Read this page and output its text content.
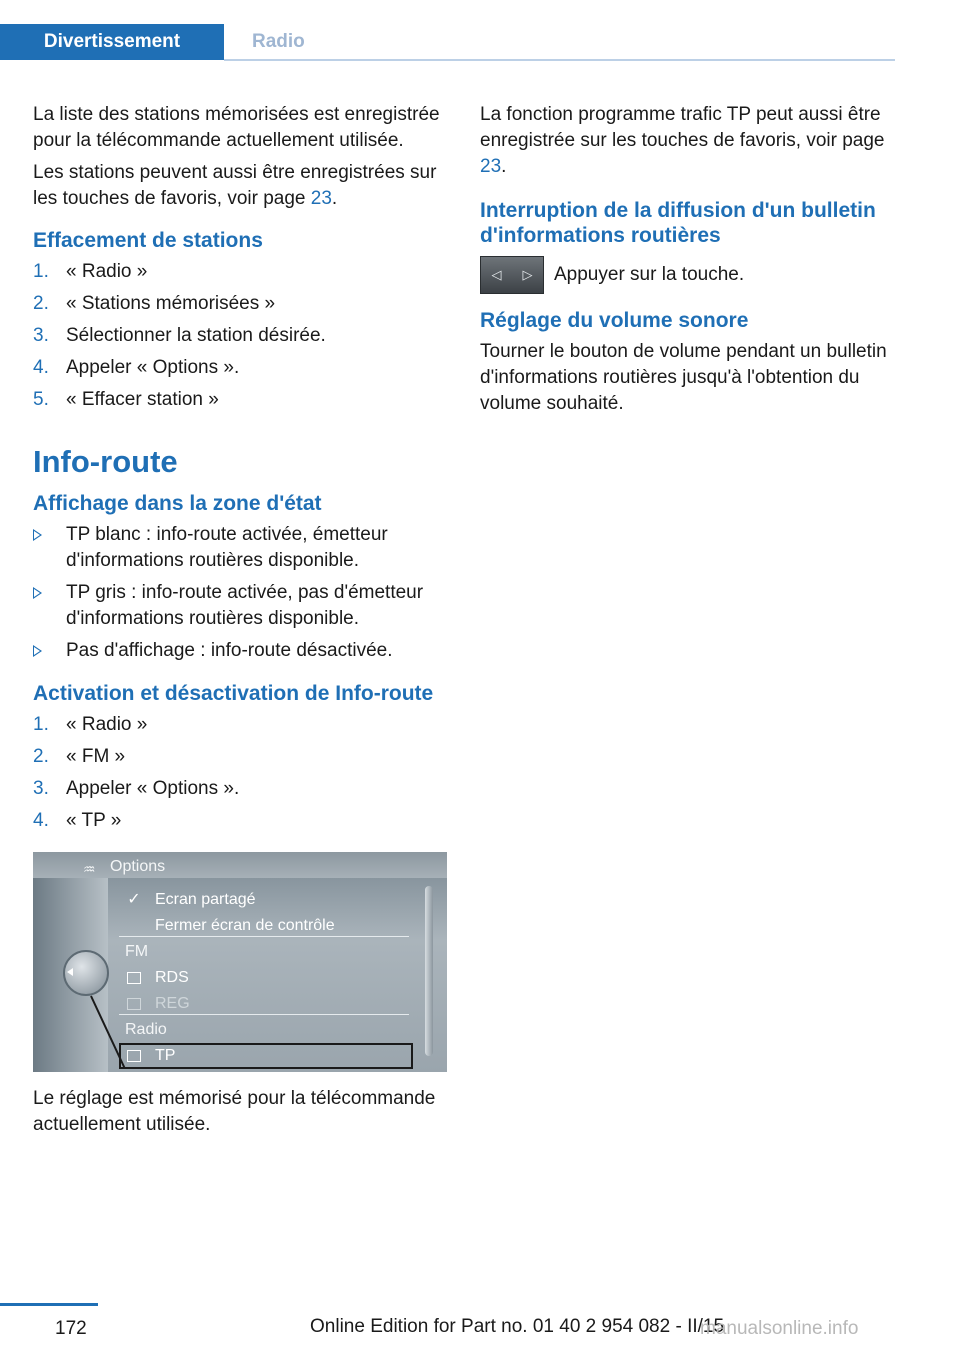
Divertissement	Radio

La liste des stations mémorisées est enregistrée pour la télécommande actuellement utilisée.

Les stations peuvent aussi être enregistrées sur les touches de favoris, voir page 23.

Effacement de stations
1. « Radio »
2. « Stations mémorisées »
3. Sélectionner la station désirée.
4. Appeler « Options ».
5. « Effacer station »
Info-route
Affichage dans la zone d'état
TP blanc : info-route activée, émetteur d'informations routières disponible.
TP gris : info-route activée, pas d'émetteur d'informations routières disponible.
Pas d'affichage : info-route désactivée.
Activation et désactivation de Info-route
1. « Radio »
2. « FM »
3. Appeler « Options ».
4. « TP »
♒ Options
✓ Ecran partagé
Fermer écran de contrôle
FM
RDS
REG
Radio
TP

Le réglage est mémorisé pour la télécommande actuellement utilisée.

La fonction programme trafic TP peut aussi être enregistrée sur les touches de favoris, voir page 23.

Interruption de la diffusion d'un bulletin d'informations routières
◁ ▷ Appuyer sur la touche.
Réglage du volume sonore

Tourner le bouton de volume pendant un bulletin d'informations routières jusqu'à l'obtention du volume souhaité.

172	Online Edition for Part no. 01 40 2 954 082 - II/15
manualsonline.info
